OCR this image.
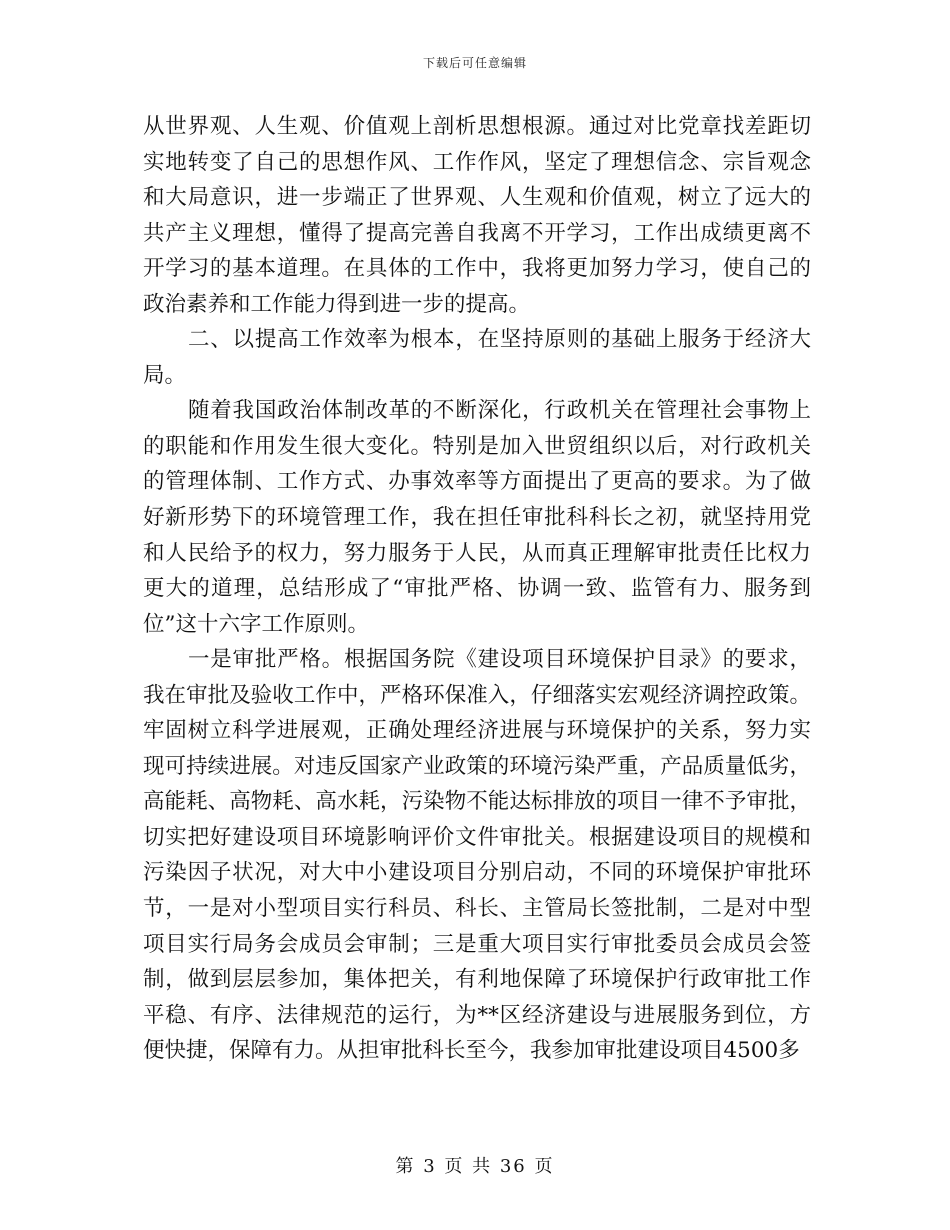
下载后可任意编辑
从世界观、人生观、价值观上剖析思想根源。通过对比党章找差距切
实地转变了自己的思想作风、工作作风，坚定了理想信念、宗旨观念
和大局意识，进一步端正了世界观、人生观和价值观，树立了远大的
共产主义理想，懂得了提高完善自我离不开学习，工作出成绩更离不
开学习的基本道理。在具体的工作中，我将更加努力学习，使自己的
政治素养和工作能力得到进一步的提高。
二、以提高工作效率为根本，在坚持原则的基础上服务于经济大
局。
随着我国政治体制改革的不断深化，行政机关在管理社会事物上
的职能和作用发生很大变化。特别是加入世贸组织以后，对行政机关
的管理体制、工作方式、办事效率等方面提出了更高的要求。为了做
好新形势下的环境管理工作，我在担任审批科科长之初，就坚持用党
和人民给予的权力，努力服务于人民，从而真正理解审批责任比权力
更大的道理，总结形成了“审批严格、协调一致、监管有力、服务到
位”这十六字工作原则。
一是审批严格。根据国务院《建设项目环境保护目录》的要求，
我在审批及验收工作中，严格环保准入，仔细落实宏观经济调控政策。
牢固树立科学进展观，正确处理经济进展与环境保护的关系，努力实
现可持续进展。对违反国家产业政策的环境污染严重，产品质量低劣，
高能耗、高物耗、高水耗，污染物不能达标排放的项目一律不予审批，
切实把好建设项目环境影响评价文件审批关。根据建设项目的规模和
污染因子状况，对大中小建设项目分别启动，不同的环境保护审批环
节，一是对小型项目实行科员、科长、主管局长签批制，二是对中型
项目实行局务会成员会审制；三是重大项目实行审批委员会成员会签
制，做到层层参加，集体把关，有利地保障了环境保护行政审批工作
平稳、有序、法律规范的运行，为**区经济建设与进展服务到位，方
便快捷，保障有力。从担审批科长至今，我参加审批建设项目4500多
第 3 页 共 36 页
